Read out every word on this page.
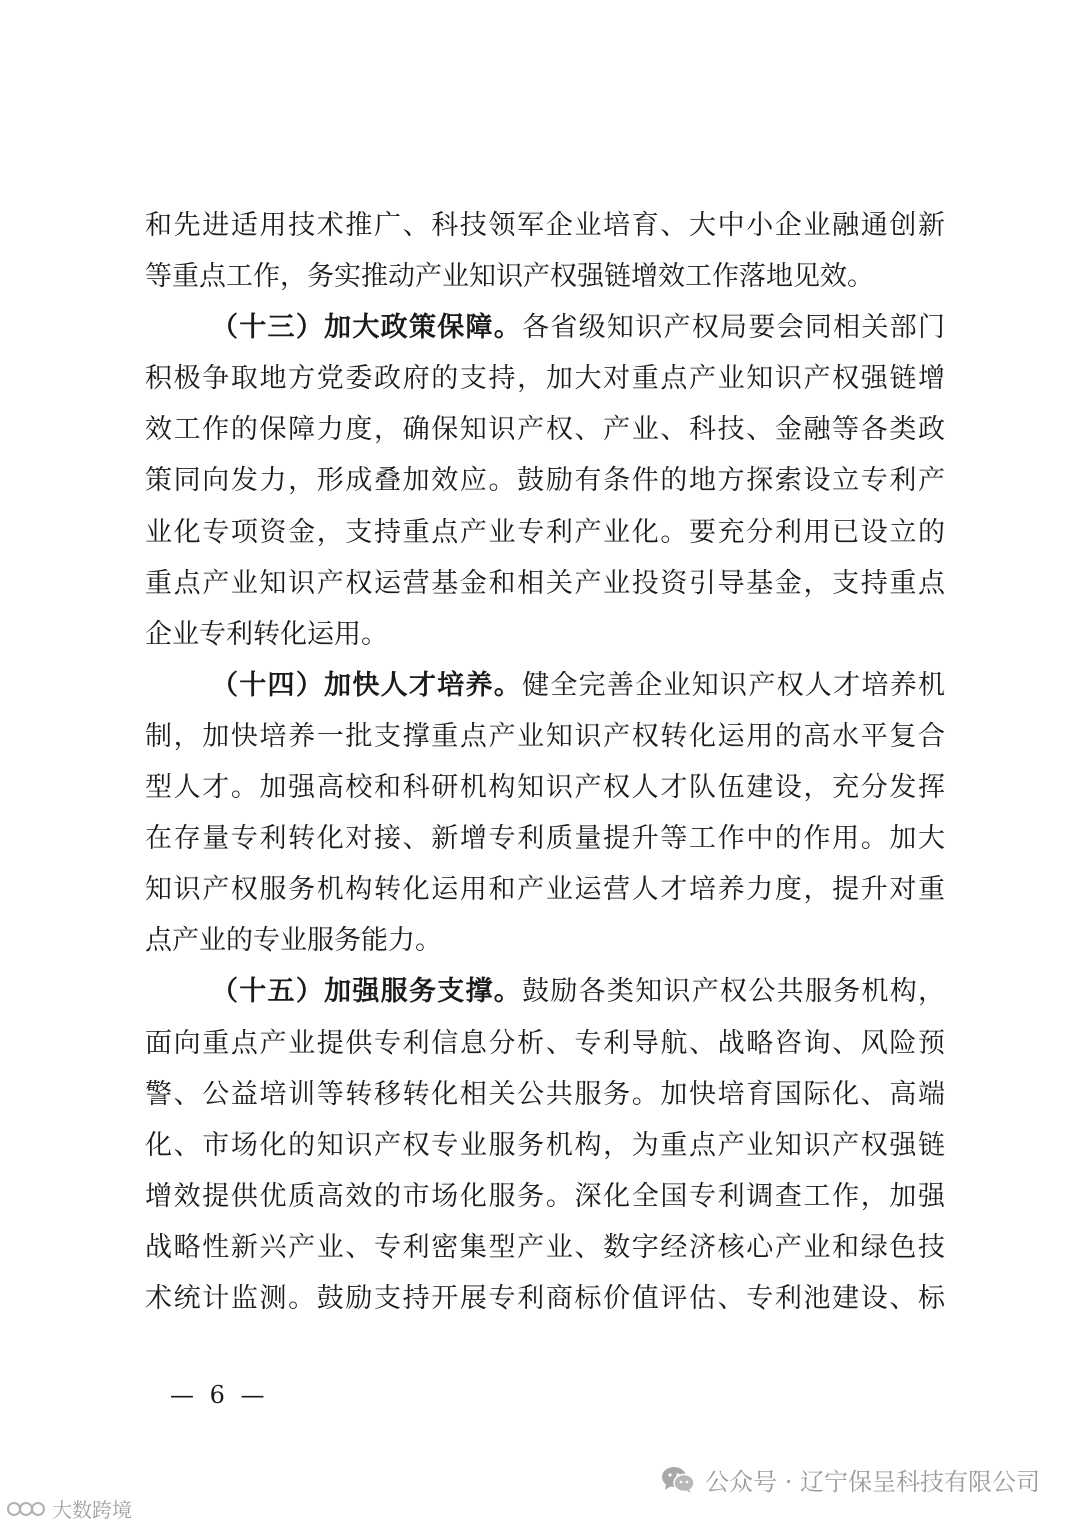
和先进适用技术推广、科技领军企业培育、大中小企业融通创新
等重点工作，务实推动产业知识产权强链增效工作落地见效。
（十三）加大政策保障。各省级知识产权局要会同相关部门
积极争取地方党委政府的支持，加大对重点产业知识产权强链增
效工作的保障力度，确保知识产权、产业、科技、金融等各类政
策同向发力，形成叠加效应。鼓励有条件的地方探索设立专利产
业化专项资金，支持重点产业专利产业化。要充分利用已设立的
重点产业知识产权运营基金和相关产业投资引导基金，支持重点
企业专利转化运用。
（十四）加快人才培养。健全完善企业知识产权人才培养机
制，加快培养一批支撑重点产业知识产权转化运用的高水平复合
型人才。加强高校和科研机构知识产权人才队伍建设，充分发挥
在存量专利转化对接、新增专利质量提升等工作中的作用。加大
知识产权服务机构转化运用和产业运营人才培养力度，提升对重
点产业的专业服务能力。
（十五）加强服务支撑。鼓励各类知识产权公共服务机构，
面向重点产业提供专利信息分析、专利导航、战略咨询、风险预
警、公益培训等转移转化相关公共服务。加快培育国际化、高端
化、市场化的知识产权专业服务机构，为重点产业知识产权强链
增效提供优质高效的市场化服务。深化全国专利调查工作，加强
战略性新兴产业、专利密集型产业、数字经济核心产业和绿色技
术统计监测。鼓励支持开展专利商标价值评估、专利池建设、标
— 6 —
公众号 · 辽宁保呈科技有限公司
大数跨境
